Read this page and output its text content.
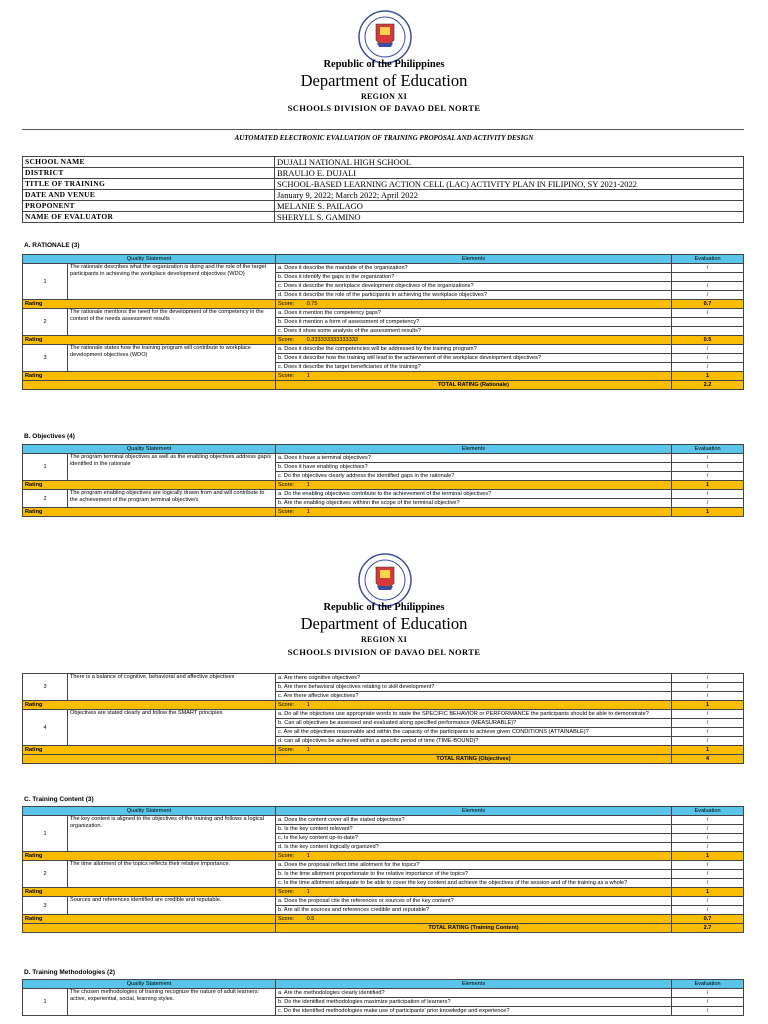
Republic of the Philippines
Department of Education
REGION XI
SCHOOLS DIVISION OF DAVAO DEL NORTE
AUTOMATED ELECTRONIC EVALUATION OF TRAINING PROPOSAL AND ACTIVITY DESIGN
SCHOOL NAME	DUJALI NATIONAL HIGH SCHOOL
DISTRICT	BRAULIO E. DUJALI
TITLE OF TRAINING	SCHOOL-BASED LEARNING ACTION CELL (LAC) ACTIVITY PLAN IN FILIPINO, SY 2021-2022
DATE AND VENUE	January 9, 2022; March 2022; April 2022
PROPONENT	MELANIE S. PAILAGO
NAME OF EVALUATOR	SHERYLL S. GAMINO
A. RATIONALE (3)
Quality Statement		Elements	Evaluation
1	The rationale describes what the organization is doing and the role of the target participants in achieving the workplace development objectives (WDO)	a. Does it describe the mandate of the organization?	/
		b. Does it identify the gaps in the organization?	
		c. Does it describe the workplace development objectives of the organizations?	/
		d. Does it describe the role of the participants in achieving the workplace objectives?	/
Rating		Score: 0.75	0.7
2	The rationale mentions the need for the development of the competency in the context of the needs assessment results	a. Does it mention the competency gaps?	/
		b. Does it mention a form of assessment of competency?	
		c. Does it show some analysis of the assessment results?	
Rating		Score: 0.333333333333333	0.5
3	The rationale states how the training program will contribute to workplace development objectives (WDO)	a. Does it describe the competencies will be addressed by the training program?	/
		b. Does it describe how the training will lead to the achievement of the workplace development objectives?	/
		c. Does it describe the target beneficiaries of the training?	/
Rating		Score: 1	1
		TOTAL RATING (Rationale)	2.2
B. Objectives (4)
Quality Statement		Elements	Evaluation
1	The program terminal objectives as well as the enabling objectives address gap/s identified in the rationale	a. Does it have a terminal objectives?	/
		b. Does it have enabling objectives?	/
		c. Do the objectives clearly address the identified gaps in the rationale?	/
Rating		Score: 1	1
2	The program enabling objectives are logically drawn from and will contribute to the achievement of the program terminal objective/s	a. Do the enabling objectives contribute to the achievement of the terminal objectives?	/
		b. Are the enabling objectives withinn the scope of the terminal objective?	/
Rating		Score: 1	1
Republic of the Philippines
Department of Education
REGION XI
SCHOOLS DIVISION OF DAVAO DEL NORTE
3	There is a balance of cognitive, behavioral and affective objectives	a. Are there cognitive objectives?	/
		b. Are there behavioral objectives relating to skill development?	/
		c. Are there affective objectives?	/
Rating		Score: 1	1
4	Objectives are stated clearly and follow the SMART principles	a. Do all the objectives use appropriate words to state the SPECIFIC BEHAVIOR or PERFORMANCE the participants should be able to demonstrate?	/
		b. Can all objectives be assessed and evaluated along specified performance (MEASURABLE)?	/
		c. Are all the objectives reasonable and within the capacity of the participants to achieve given CONDITIONS (ATTAINABLE)?	/
		d. can all objectives be achieved within a specific period of time (TIME-BOUND)?	/
Rating		Score: 1	1
		TOTAL RATING (Objectives)	4
C. Training Content (3)
Quality Statement		Elements	Evaluation
1	The key content is aligned to the objectives of the training and follows a logical organization.	a. Does the content cover all the stated objectives?	/
		b. Is the key content relevant?	/
		c. Is the key content up-to-date?	/
		d. Is the key content logically organized?	/
Rating		Score: 1	1
2	The time allotment of the topics reflects their relative importance.	a. Does the proposal reflect time allotment for the topics?	/
		b. Is the time allotment proportionate to the relative importance of the topics?	/
		c. Is the time allotment adequate to be able to cover the key content and achieve the objectives of the session and of the training as a whole?	/
Rating		Score: 1	1
3	Sources and references identified are credible and reputable.	a. Does the proposal cite the references or sources of the key content?	/
		b. Are all the sources and references credible and reputable?	/
Rating		Score: 0.5	0.7
		TOTAL RATING (Training Content)	2.7
D. Training Methodologies (2)
Quality Statement		Elements	Evaluation
1	The chosen methodologies of training recognize the nature of adult learners: active, experiential, social, learning styles.	a. Are the methodologies clearly identified?	/
		b. Do the identified methodologies maximize participation of learners?	/
		c. Do the identified methodologies make use of participants' prior knowledge and experience?	/
